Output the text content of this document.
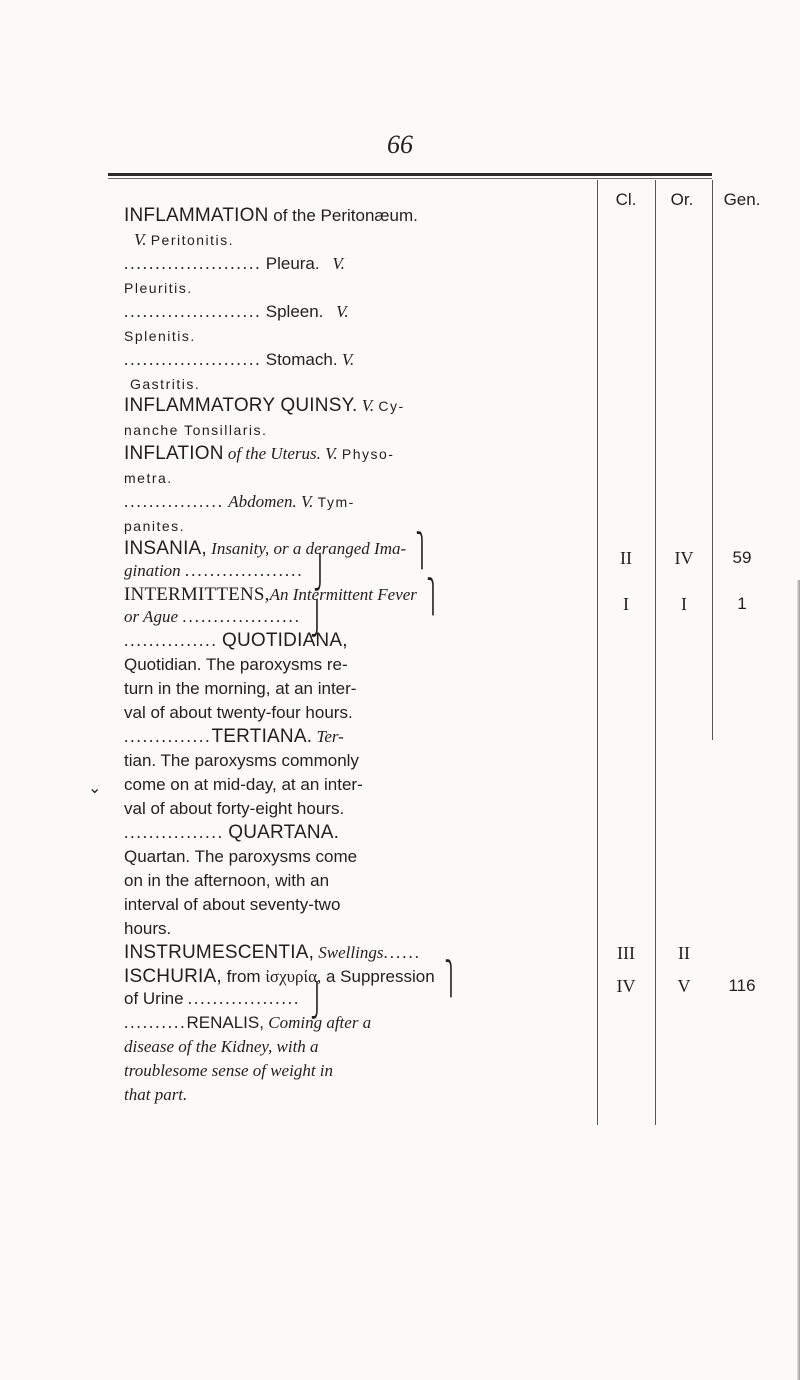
66
Cl.	Or.	Gen.
INFLAMMATION of the Peritonæum.
V. Peritonitis.
...................... Pleura. V.
Pleuritis.
...................... Spleen. V.
Splenitis.
...................... Stomach. V.
Gastritis.
INFLAMMATORY QUINSY. V. Cy-
nanche Tonsillaris.
INFLATION of the Uterus. V. Physo-
metra.
................ Abdomen. V. Tym-
panites.
INSANIA, Insanity, or a deranged Ima- ⎫
gination ................... ⎭	II	IV	59
INTERMITTENS,An Intermittent Fever ⎫
or Ague ................... ⎭	I	I	1
............... QUOTIDIANA,
Quotidian. The paroxysms re-
turn in the morning, at an inter-
val of about twenty-four hours.
..............TERTIANA. Ter-
tian. The paroxysms commonly
come on at mid-day, at an inter-
val of about forty-eight hours.
................ QUARTANA.
Quartan. The paroxysms come
on in the afternoon, with an
interval of about seventy-two
hours.
INSTRUMESCENTIA, Swellings......	III	II
ISCHURIA, from ἰσχυρία, a Suppression ⎫
of Urine .................. ⎭	IV	V	116
..........RENALIS, Coming after a
disease of the Kidney, with a
troublesome sense of weight in
that part.
⌄
